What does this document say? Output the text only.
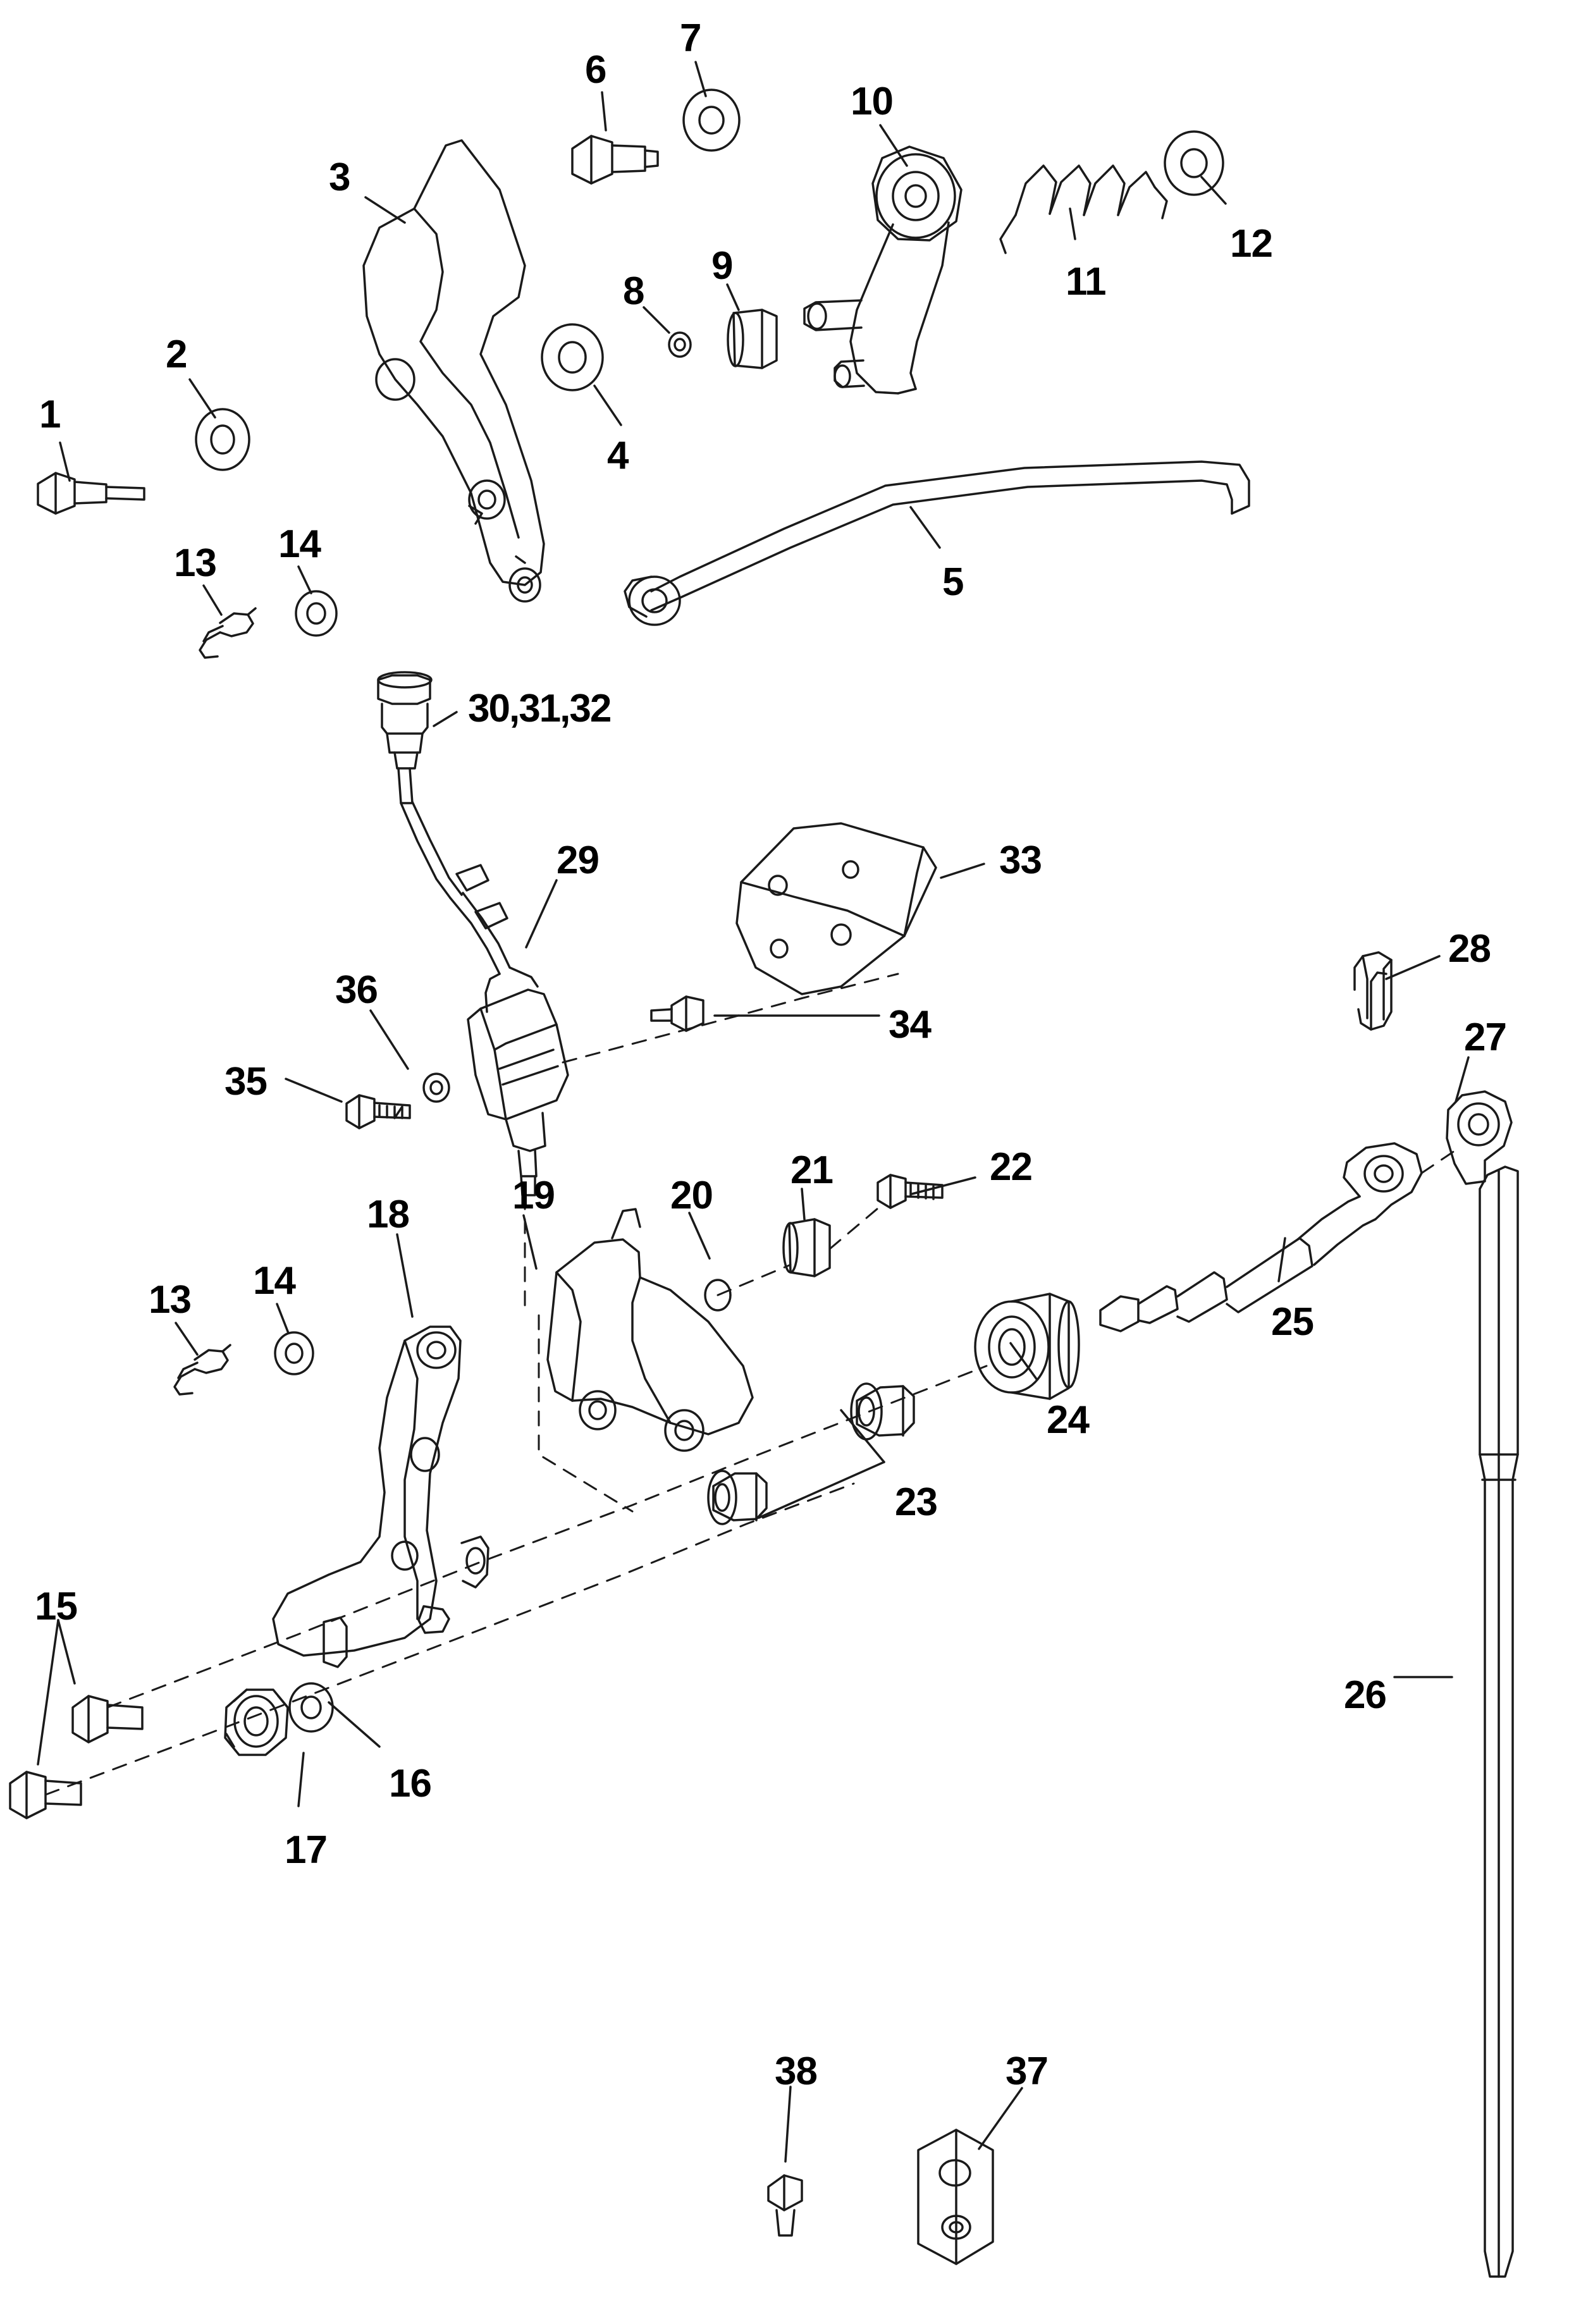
1
2
3
4
5
6
7
8
9
10
11
12
13 14
30,31,32
29	33
34
35
36
19	20
21	22
23
24
25
26
27
28
13 14
18
15
16
17
37
38
